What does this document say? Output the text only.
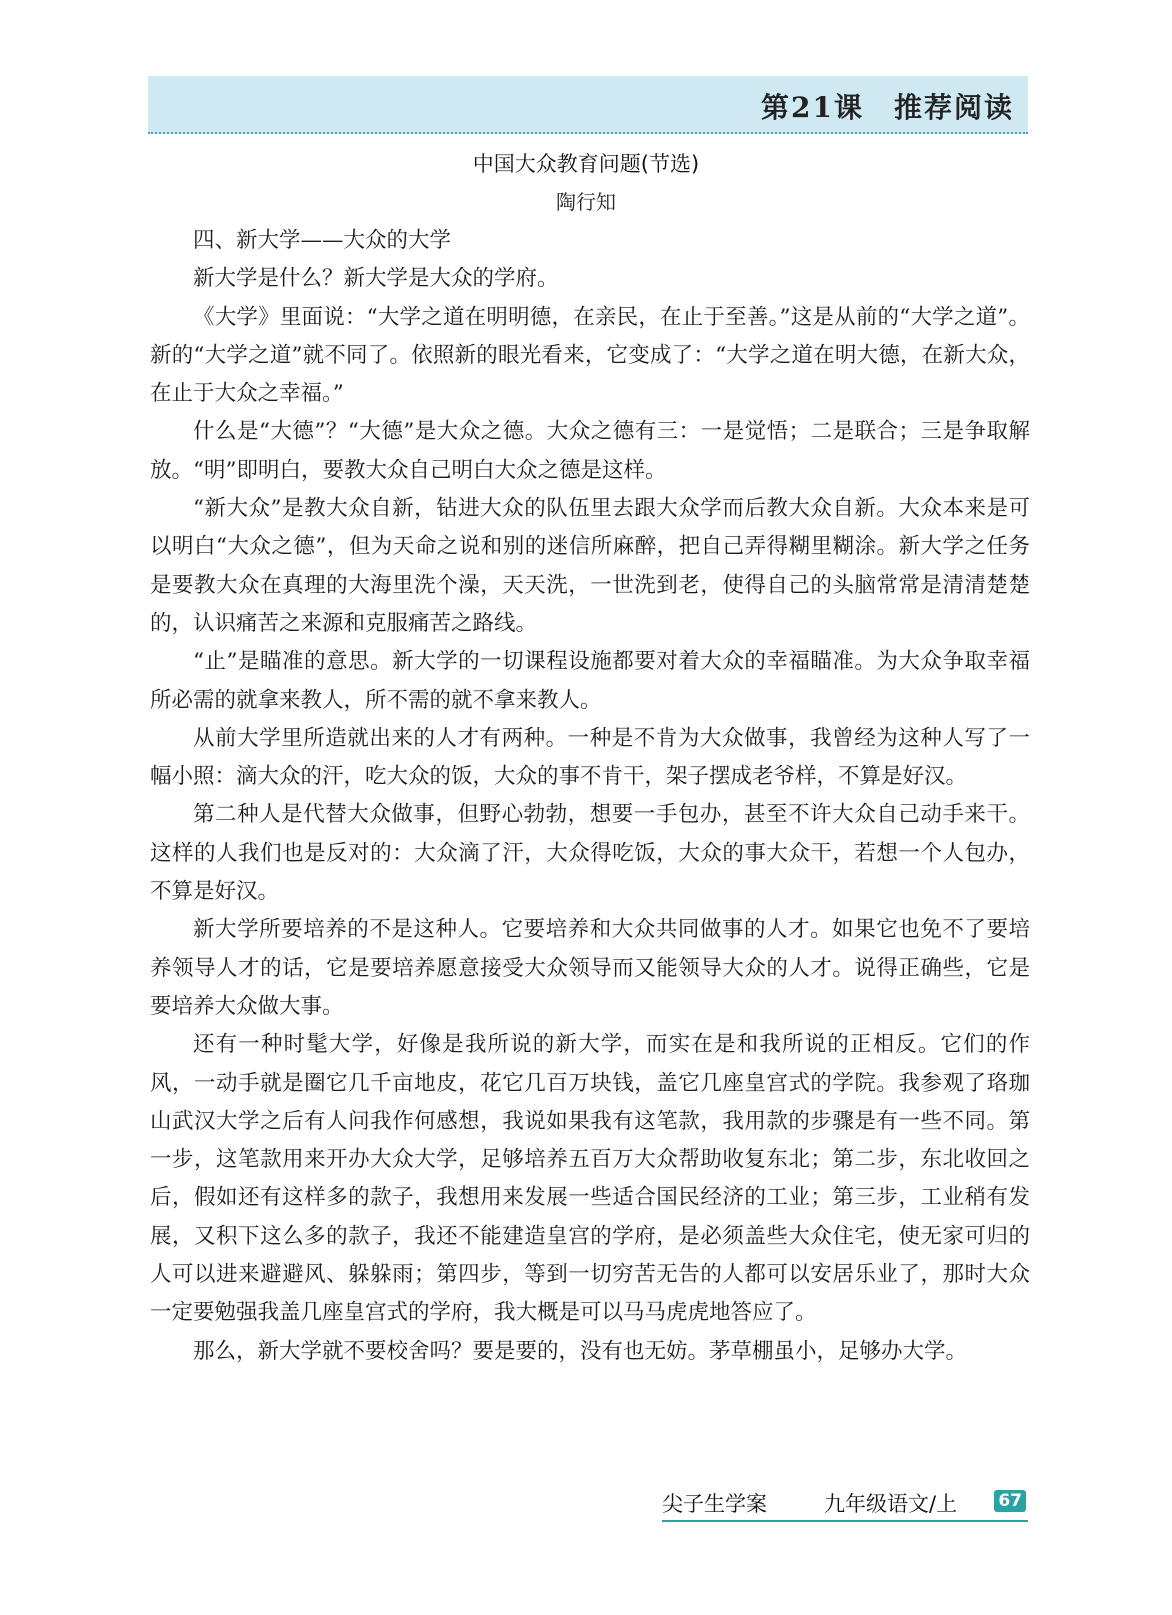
第21课　推荐阅读
中国大众教育问题(节选)
陶行知

四、新大学——大众的大学

新大学是什么？新大学是大众的学府。

《大学》里面说：“大学之道在明明德，在亲民，在止于至善。”这是从前的“大学之道”。新的“大学之道”就不同了。依照新的眼光看来，它变成了：“大学之道在明大德，在新大众，在止于大众之幸福。”

什么是“大德”？“大德”是大众之德。大众之德有三：一是觉悟；二是联合；三是争取解放。“明”即明白，要教大众自己明白大众之德是这样。

“新大众”是教大众自新，钻进大众的队伍里去跟大众学而后教大众自新。大众本来是可以明白“大众之德”，但为天命之说和别的迷信所麻醉，把自己弄得糊里糊涂。新大学之任务是要教大众在真理的大海里洗个澡，天天洗，一世洗到老，使得自己的头脑常常是清清楚楚的，认识痛苦之来源和克服痛苦之路线。

“止”是瞄准的意思。新大学的一切课程设施都要对着大众的幸福瞄准。为大众争取幸福所必需的就拿来教人，所不需的就不拿来教人。

从前大学里所造就出来的人才有两种。一种是不肯为大众做事，我曾经为这种人写了一幅小照：滴大众的汗，吃大众的饭，大众的事不肯干，架子摆成老爷样，不算是好汉。

第二种人是代替大众做事，但野心勃勃，想要一手包办，甚至不许大众自己动手来干。这样的人我们也是反对的：大众滴了汗，大众得吃饭，大众的事大众干，若想一个人包办，不算是好汉。

新大学所要培养的不是这种人。它要培养和大众共同做事的人才。如果它也免不了要培养领导人才的话，它是要培养愿意接受大众领导而又能领导大众的人才。说得正确些，它是要培养大众做大事。

还有一种时髦大学，好像是我所说的新大学，而实在是和我所说的正相反。它们的作风，一动手就是圈它几千亩地皮，花它几百万块钱，盖它几座皇宫式的学院。我参观了珞珈山武汉大学之后有人问我作何感想，我说如果我有这笔款，我用款的步骤是有一些不同。第一步，这笔款用来开办大众大学，足够培养五百万大众帮助收复东北；第二步，东北收回之后，假如还有这样多的款子，我想用来发展一些适合国民经济的工业；第三步，工业稍有发展，又积下这么多的款子，我还不能建造皇宫的学府，是必须盖些大众住宅，使无家可归的人可以进来避避风、躲躲雨；第四步，等到一切穷苦无告的人都可以安居乐业了，那时大众一定要勉强我盖几座皇宫式的学府，我大概是可以马马虎虎地答应了。

那么，新大学就不要校舍吗？要是要的，没有也无妨。茅草棚虽小，足够办大学。

尖子生学案	九年级语文/上 67
